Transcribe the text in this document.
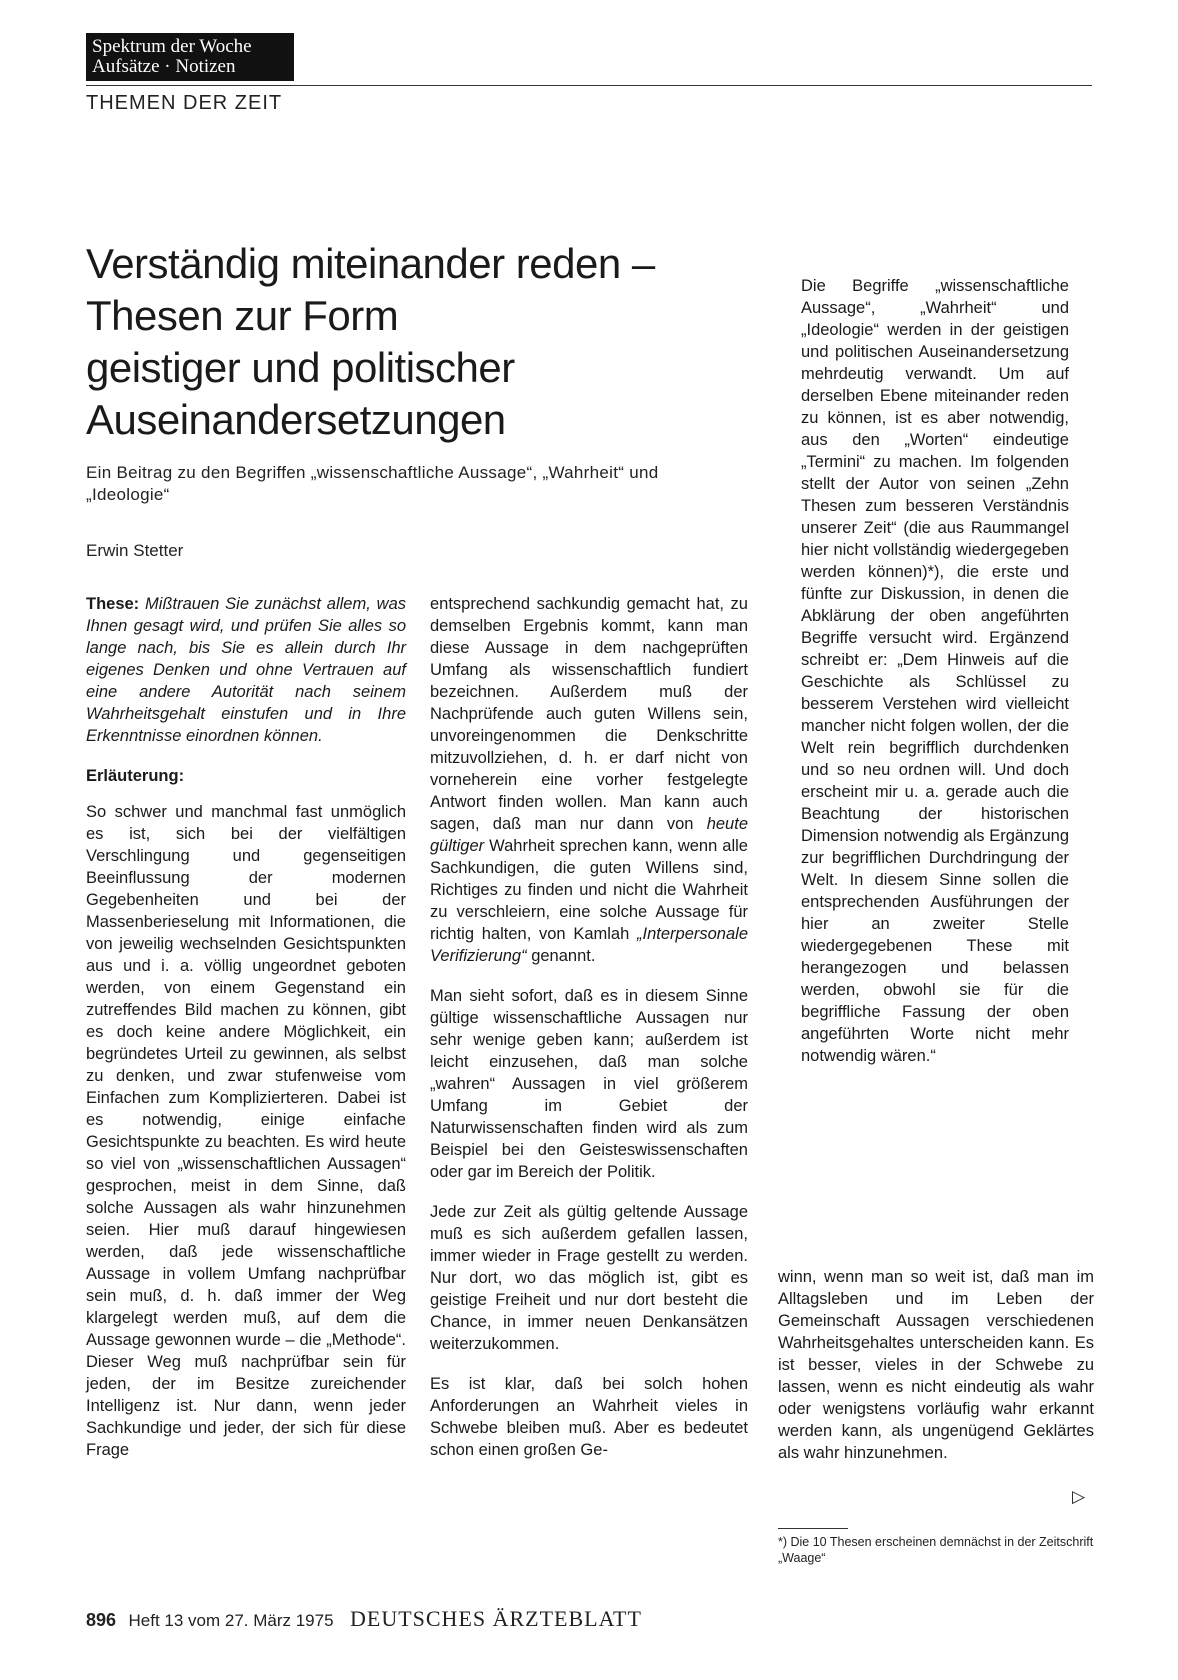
Spektrum der Woche
Aufsätze · Notizen
THEMEN DER ZEIT
Verständig miteinander reden –
Thesen zur Form
geistiger und politischer
Auseinandersetzungen
Ein Beitrag zu den Begriffen „wissenschaftliche Aussage“, „Wahrheit“ und „Ideologie“
Erwin Stetter

These: Mißtrauen Sie zunächst allem, was Ihnen gesagt wird, und prüfen Sie alles so lange nach, bis Sie es allein durch Ihr eigenes Denken und ohne Vertrauen auf eine andere Autorität nach seinem Wahrheitsgehalt einstufen und in Ihre Erkenntnisse einordnen können.

Erläuterung:

So schwer und manchmal fast unmöglich es ist, sich bei der vielfältigen Verschlingung und gegenseitigen Beeinflussung der modernen Gegebenheiten und bei der Massenberieselung mit Informationen, die von jeweilig wechselnden Gesichtspunkten aus und i. a. völlig ungeordnet geboten werden, von einem Gegenstand ein zutreffendes Bild machen zu können, gibt es doch keine andere Möglichkeit, ein begründetes Urteil zu gewinnen, als selbst zu denken, und zwar stufenweise vom Einfachen zum Komplizierteren. Dabei ist es notwendig, einige einfache Gesichtspunkte zu beachten. Es wird heute so viel von „wissenschaftlichen Aussagen“ gesprochen, meist in dem Sinne, daß solche Aussagen als wahr hinzunehmen seien. Hier muß darauf hingewiesen werden, daß jede wissenschaftliche Aussage in vollem Umfang nachprüfbar sein muß, d. h. daß immer der Weg klargelegt werden muß, auf dem die Aussage gewonnen wurde – die „Methode“. Dieser Weg muß nachprüfbar sein für jeden, der im Besitze zureichender Intelligenz ist. Nur dann, wenn jeder Sachkundige und jeder, der sich für diese Frage

entsprechend sachkundig gemacht hat, zu demselben Ergebnis kommt, kann man diese Aussage in dem nachgeprüften Umfang als wissenschaftlich fundiert bezeichnen. Außerdem muß der Nachprüfende auch guten Willens sein, unvoreingenommen die Denkschritte mitzuvollziehen, d. h. er darf nicht von vorneherein eine vorher festgelegte Antwort finden wollen. Man kann auch sagen, daß man nur dann von heute gültiger Wahrheit sprechen kann, wenn alle Sachkundigen, die guten Willens sind, Richtiges zu finden und nicht die Wahrheit zu verschleiern, eine solche Aussage für richtig halten, von Kamlah „Interpersonale Verifizierung“ genannt.

Man sieht sofort, daß es in diesem Sinne gültige wissenschaftliche Aussagen nur sehr wenige geben kann; außerdem ist leicht einzusehen, daß man solche „wahren“ Aussagen in viel größerem Umfang im Gebiet der Naturwissenschaften finden wird als zum Beispiel bei den Geisteswissenschaften oder gar im Bereich der Politik.

Jede zur Zeit als gültig geltende Aussage muß es sich außerdem gefallen lassen, immer wieder in Frage gestellt zu werden. Nur dort, wo das möglich ist, gibt es geistige Freiheit und nur dort besteht die Chance, in immer neuen Denkansätzen weiterzukommen.

Es ist klar, daß bei solch hohen Anforderungen an Wahrheit vieles in Schwebe bleiben muß. Aber es bedeutet schon einen großen Ge-

Die Begriffe „wissenschaftliche Aussage“, „Wahrheit“ und „Ideologie“ werden in der geistigen und politischen Auseinandersetzung mehrdeutig verwandt. Um auf derselben Ebene miteinander reden zu können, ist es aber notwendig, aus den „Worten“ eindeutige „Termini“ zu machen. Im folgenden stellt der Autor von seinen „Zehn Thesen zum besseren Verständnis unserer Zeit“ (die aus Raummangel hier nicht vollständig wiedergegeben werden können)*), die erste und fünfte zur Diskussion, in denen die Abklärung der oben angeführten Begriffe versucht wird. Ergänzend schreibt er: „Dem Hinweis auf die Geschichte als Schlüssel zu besserem Verstehen wird vielleicht mancher nicht folgen wollen, der die Welt rein begrifflich durchdenken und so neu ordnen will. Und doch erscheint mir u. a. gerade auch die Beachtung der historischen Dimension notwendig als Ergänzung zur begrifflichen Durchdringung der Welt. In diesem Sinne sollen die entsprechenden Ausführungen der hier an zweiter Stelle wiedergegebenen These mit herangezogen und belassen werden, obwohl sie für die begriffliche Fassung der oben angeführten Worte nicht mehr notwendig wären.“

winn, wenn man so weit ist, daß man im Alltagsleben und im Leben der Gemeinschaft Aussagen verschiedenen Wahrheitsgehaltes unterscheiden kann. Es ist besser, vieles in der Schwebe zu lassen, wenn es nicht eindeutig als wahr oder wenigstens vorläufig wahr erkannt werden kann, als ungenügend Geklärtes als wahr hinzunehmen.

▷
*) Die 10 Thesen erscheinen demnächst in der Zeitschrift „Waage“
896 Heft 13 vom 27. März 1975 DEUTSCHES ÄRZTEBLATT
